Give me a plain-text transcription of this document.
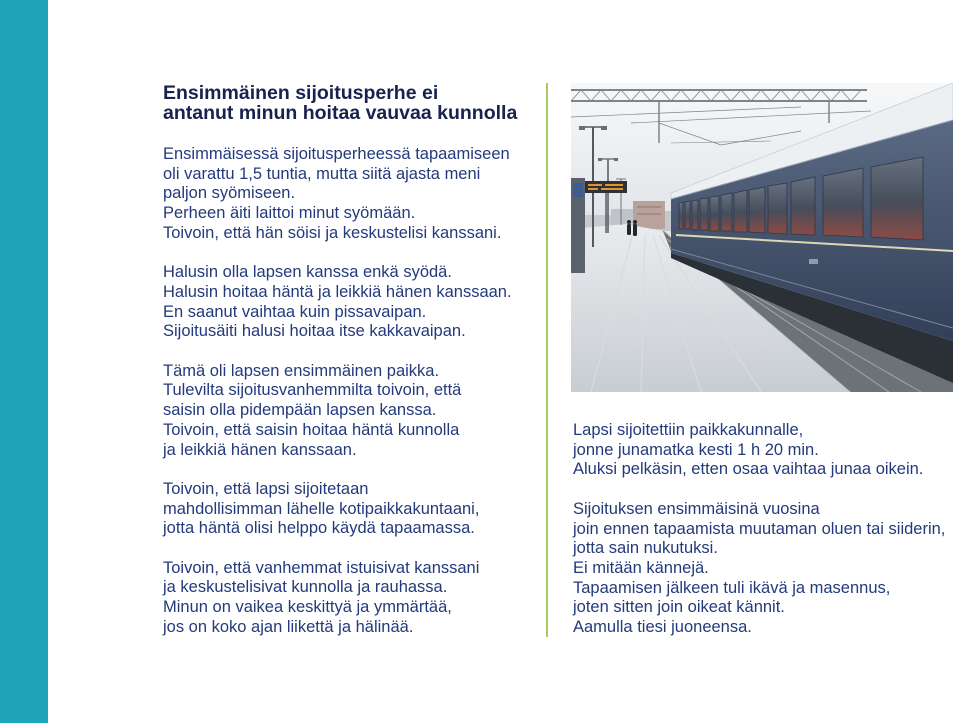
Ensimmäinen sijoitusperhe ei
antanut minun hoitaa vauvaa kunnolla
Ensimmäisessä sijoitusperheessä tapaamiseen
oli varattu 1,5 tuntia, mutta siitä ajasta meni
paljon syömiseen.
Perheen äiti laittoi minut syömään.
Toivoin, että hän söisi ja keskustelisi kanssani.
Halusin olla lapsen kanssa enkä syödä.
Halusin hoitaa häntä ja leikkiä hänen kanssaan.
En saanut vaihtaa kuin pissavaipan.
Sijoitusäiti halusi hoitaa itse kakkavaipan.
Tämä oli lapsen ensimmäinen paikka.
Tulevilta sijoitusvanhemmilta toivoin, että
saisin olla pidempään lapsen kanssa.
Toivoin, että saisin hoitaa häntä kunnolla
ja leikkiä hänen kanssaan.
Toivoin, että lapsi sijoitetaan
mahdollisimman lähelle kotipaikkakuntaani,
jotta häntä olisi helppo käydä tapaamassa.
Toivoin, että vanhemmat istuisivat kanssani
ja keskustelisivat kunnolla ja rauhassa.
Minun on vaikea keskittyä ja ymmärtää,
jos on koko ajan liikettä ja hälinää.
Lapsi sijoitettiin paikkakunnalle,
jonne junamatka kesti 1 h 20 min.
Aluksi pelkäsin, etten osaa vaihtaa junaa oikein.
Sijoituksen ensimmäisinä vuosina
join ennen tapaamista muutaman oluen tai siiderin,
jotta sain nukutuksi.
Ei mitään kännejä.
Tapaamisen jälkeen tuli ikävä ja masennus,
joten sitten join oikeat kännit.
Aamulla tiesi juoneensa.
